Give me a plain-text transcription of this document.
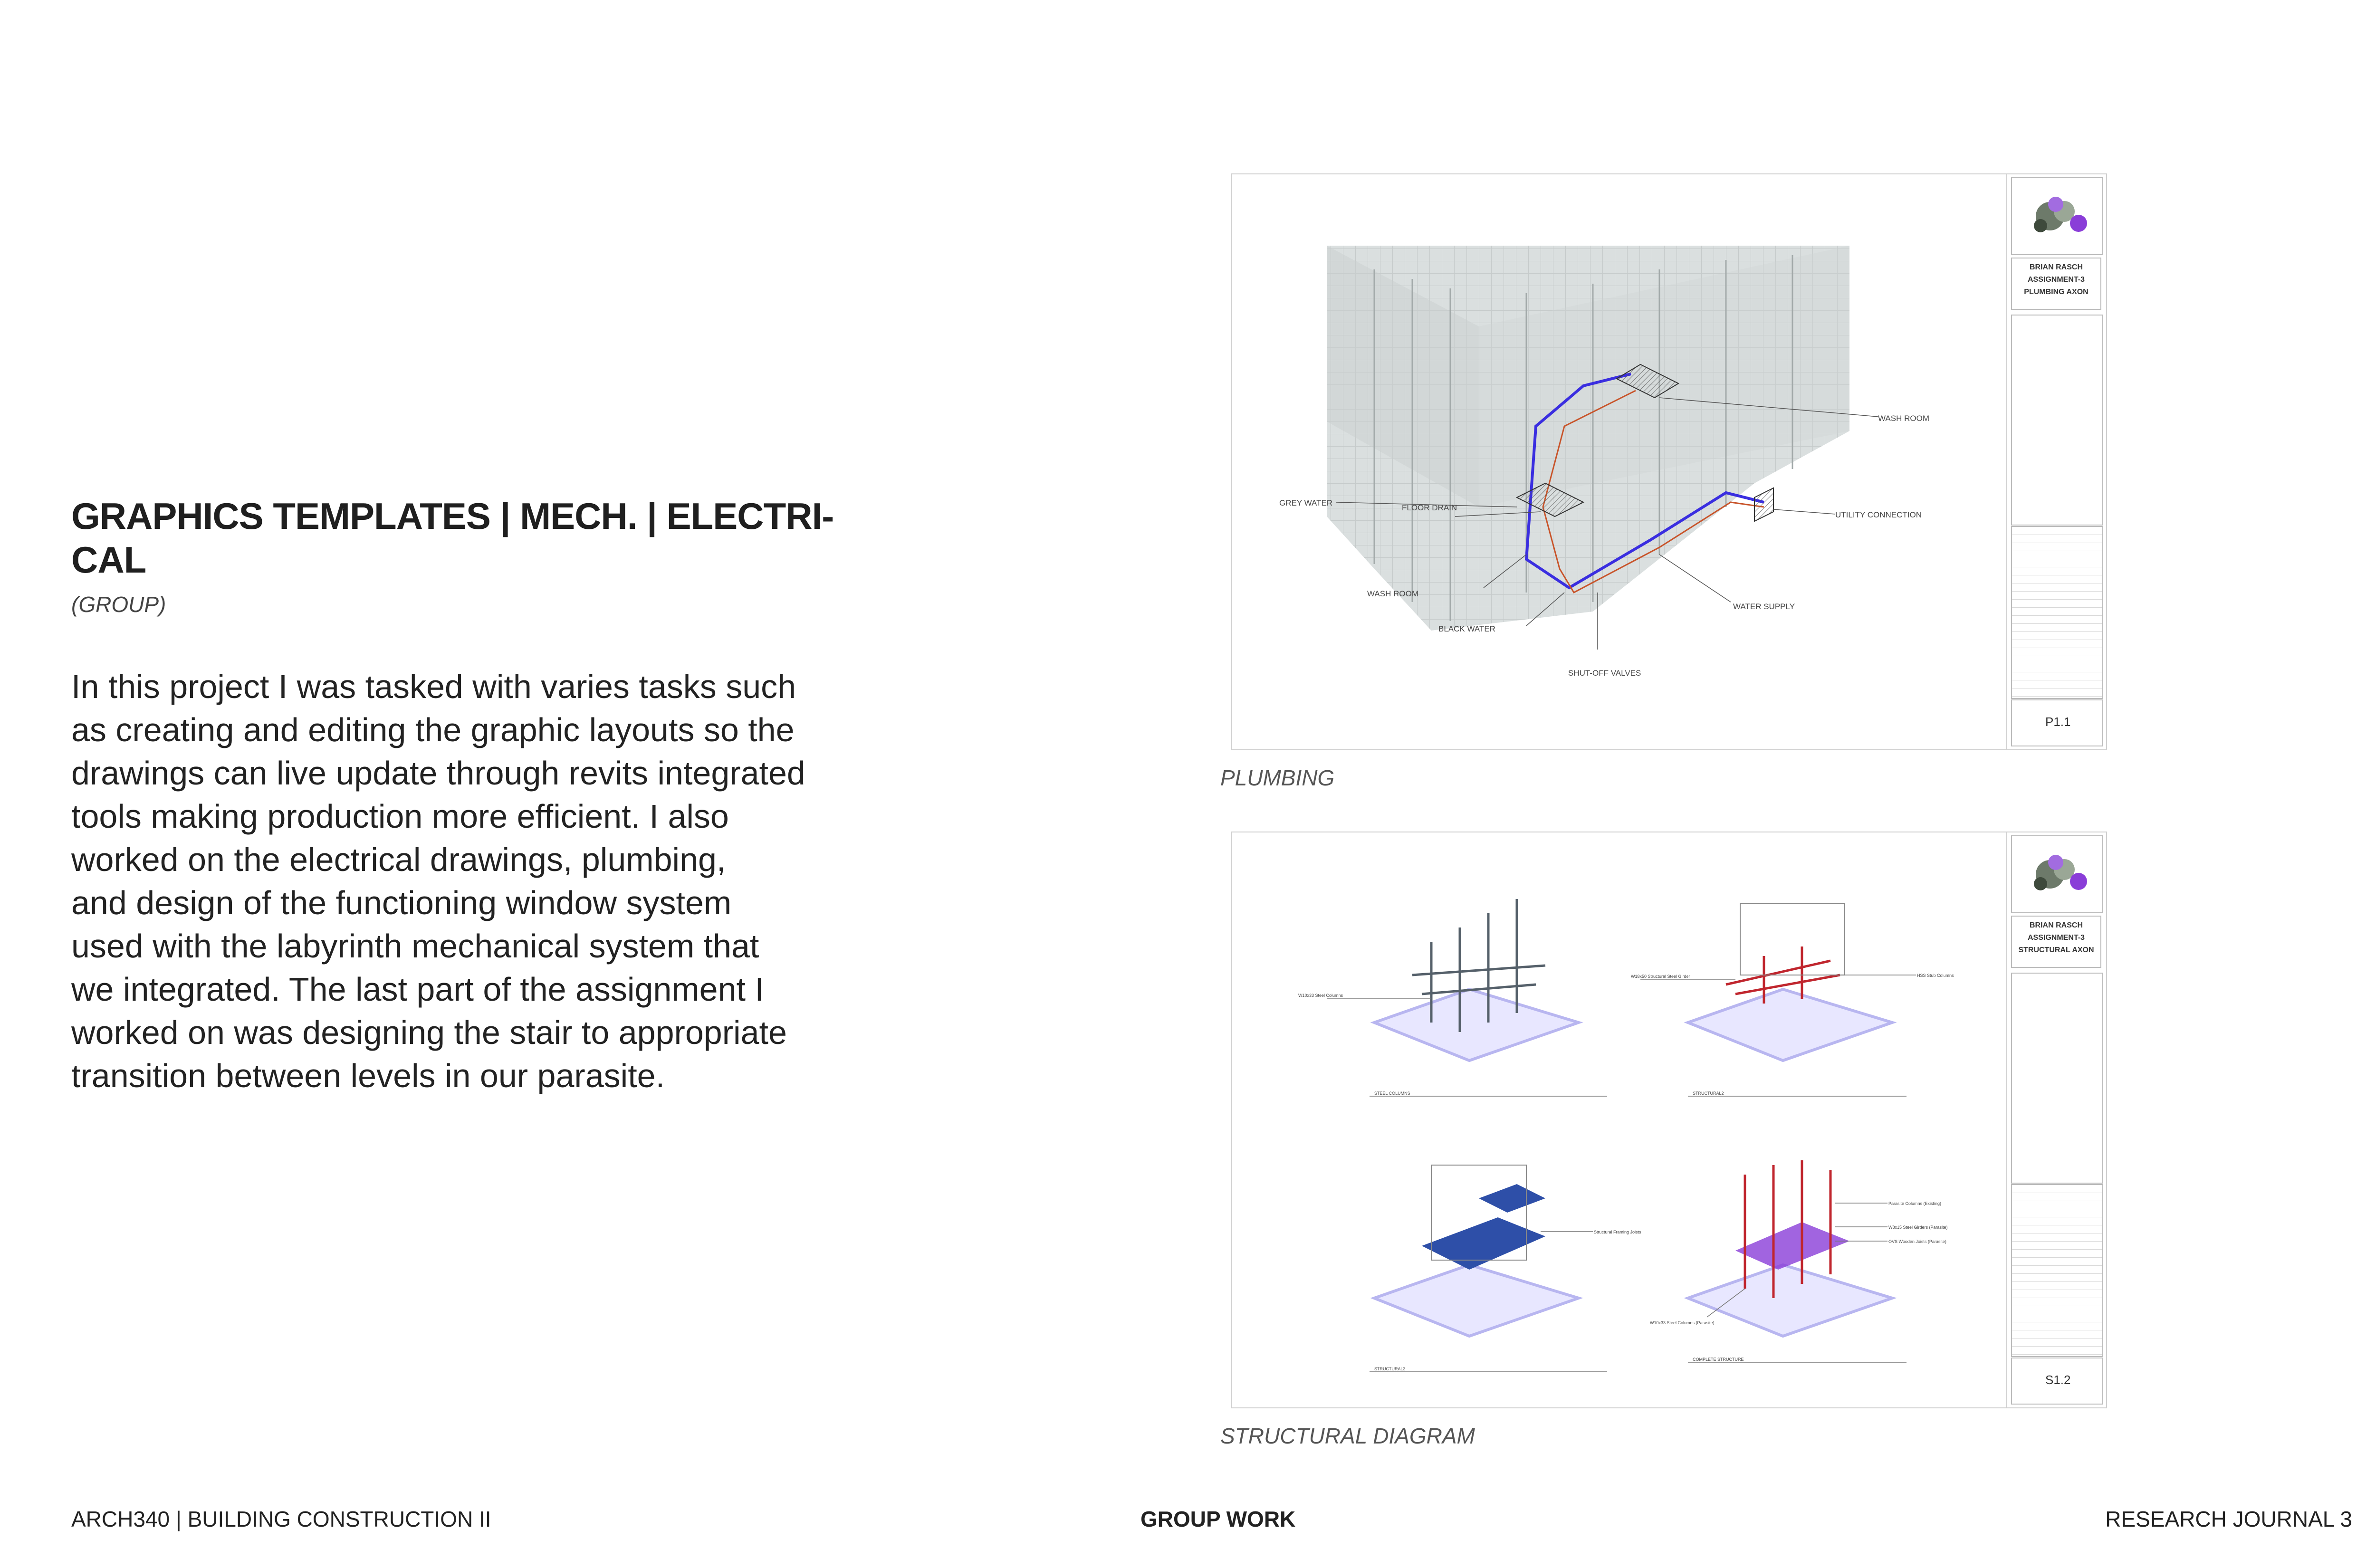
GRAPHICS TEMPLATES | MECH. | ELECTRI-CAL
(GROUP)
In this project I was tasked with varies tasks such
as creating and editing the graphic layouts so the
drawings can live update through revits integrated
tools making production more efficient. I also
worked on the electrical drawings, plumbing,
and design of the functioning window system
used with the labyrinth mechanical system that
we integrated. The last part of the assignment I
worked on was designing the stair to appropriate
transition between levels in our parasite.
WASH ROOM
GREY WATER
FLOOR DRAIN
UTILITY CONNECTION
WASH ROOM
WATER SUPPLY
BLACK WATER
SHUT-OFF VALVES
BRIAN RASCH
ASSIGNMENT-3
PLUMBING AXON
P1.1
PLUMBING
STEEL COLUMNS
W10x33 Steel Columns
STRUCTURAL2
W18x50 Structural Steel Girder	HSS Stub Columns
STRUCTURAL3
Structural Framing Joists
COMPLETE STRUCTURE
Parasite Columns (Existing)
W8x15 Steel Girders (Parasite)
OVS Wooden Joists (Parasite)
W10x33 Steel Columns (Parasite)
BRIAN RASCH
ASSIGNMENT-3
STRUCTURAL AXON
S1.2
STRUCTURAL DIAGRAM
ARCH340 | BUILDING CONSTRUCTION II	GROUP WORK	RESEARCH JOURNAL 3
